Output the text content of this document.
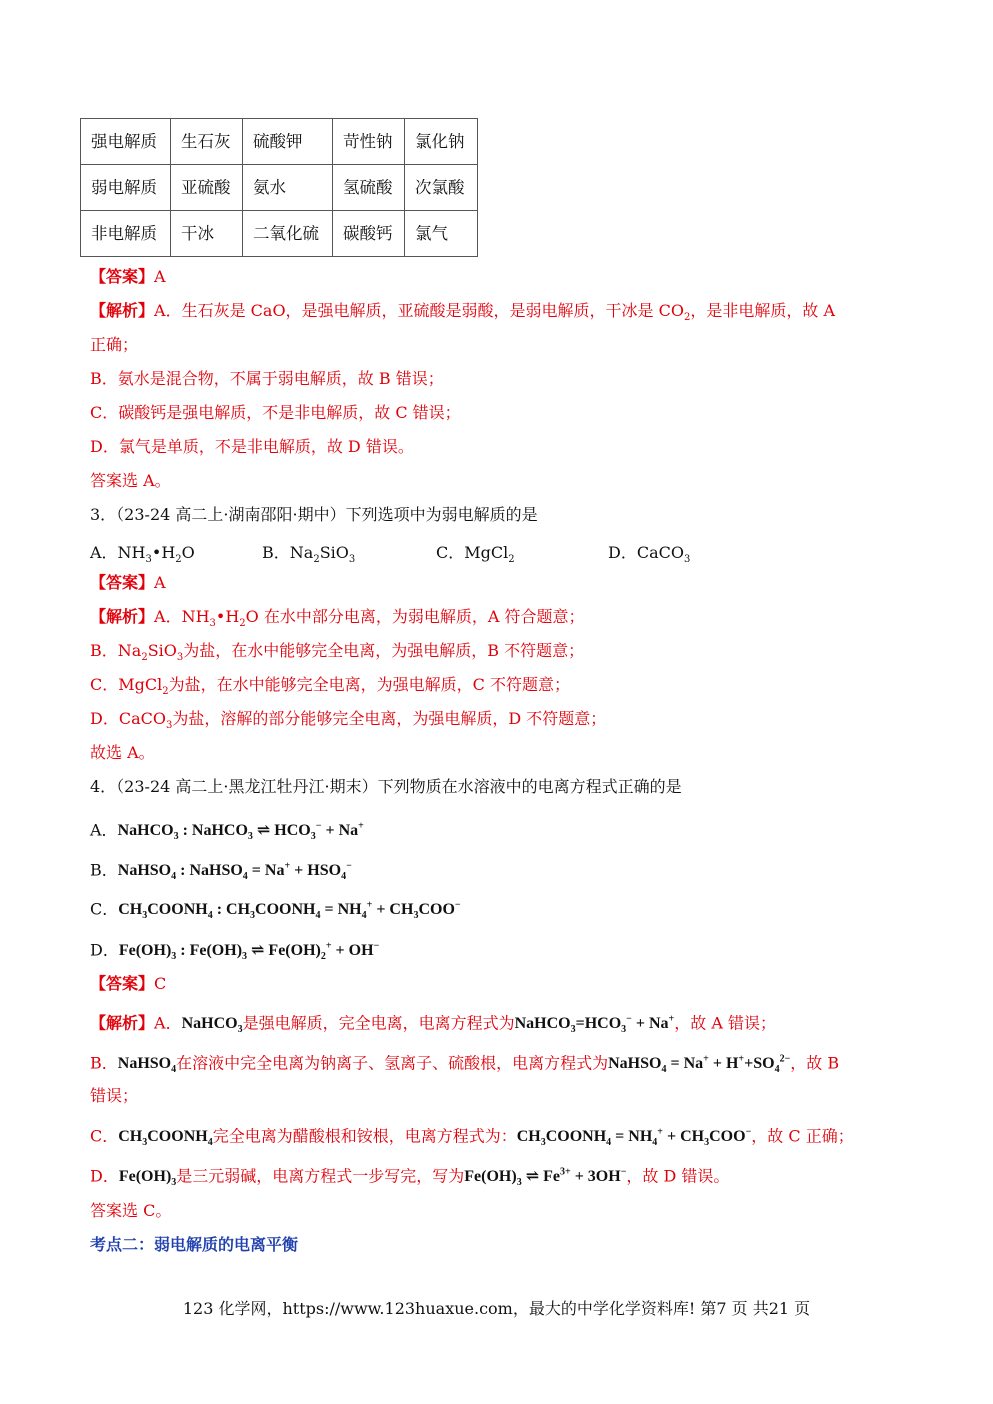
强电解质	生石灰	硫酸钾	苛性钠	氯化钠
弱电解质	亚硫酸	氨水	氢硫酸	次氯酸
非电解质	干冰	二氧化硫	碳酸钙	氯气
【答案】A
【解析】A．生石灰是 CaO，是强电解质，亚硫酸是弱酸，是弱电解质，干冰是 $CO_2$，是非电解质，故 A
正确；
B．氨水是混合物，不属于弱电解质，故 B 错误；
C．碳酸钙是强电解质，不是非电解质，故 C 错误；
D．氯气是单质，不是非电解质，故 D 错误。
答案选 A。
3．（23-24 高二上·湖南邵阳·期中）下列选项中为弱电解质的是
A．$NH_3•H_2O$	B．$Na_2SiO_3$	C．MgCl$_2$	D．CaCO$_3$
【答案】A
【解析】A．$NH_3•H_2O$ 在水中部分电离，为弱电解质，A 符合题意；
B．$Na_2SiO_3$为盐，在水中能够完全电离，为强电解质，B 不符题意；
C．MgCl$_2$为盐，在水中能够完全电离，为强电解质，C 不符题意；
D．CaCO$_3$为盐，溶解的部分能够完全电离，为强电解质，D 不符题意；
故选 A。
4．（23-24 高二上·黑龙江牡丹江·期末）下列物质在水溶液中的电离方程式正确的是
A．NaHCO$_3$ : NaHCO$_3$ ⇌ $HCO_3^- + Na^+$
B．NaHSO$_4$ : NaHSO$_4$ = $Na^+ + HSO_4^-$
C．$CH_3COONH_4$ : $CH_3COONH_4 = NH_4^+ + CH_3COO^-$
D．$Fe(OH)_3$ : $Fe(OH)_3$ ⇌ $Fe(OH)_2^+ + OH^-$
【答案】C
【解析】A．NaHCO$_3$是强电解质，完全电离，电离方程式为$NaHCO_3=HCO_3^- + Na^+$，故 A 错误；
B．NaHSO$_4$在溶液中完全电离为钠离子、氢离子、硫酸根，电离方程式为NaHSO$_4$ = $Na^+ + H^++SO_4^{2-}$，故 B
错误；
C．$CH_3COONH_4$完全电离为醋酸根和铵根，电离方程式为：$CH_3COONH_4 = NH_4^+ + CH_3COO^-$，故 C 正确；
D．$Fe(OH)_3$是三元弱碱，电离方程式一步写完，写为$Fe(OH)_3$ ⇌ $Fe^{3+} + 3OH^-$，故 D 错误。
答案选 C。
考点二：弱电解质的电离平衡
123 化学网，https://www.123huaxue.com，最大的中学化学资料库! 第7 页 共21 页
